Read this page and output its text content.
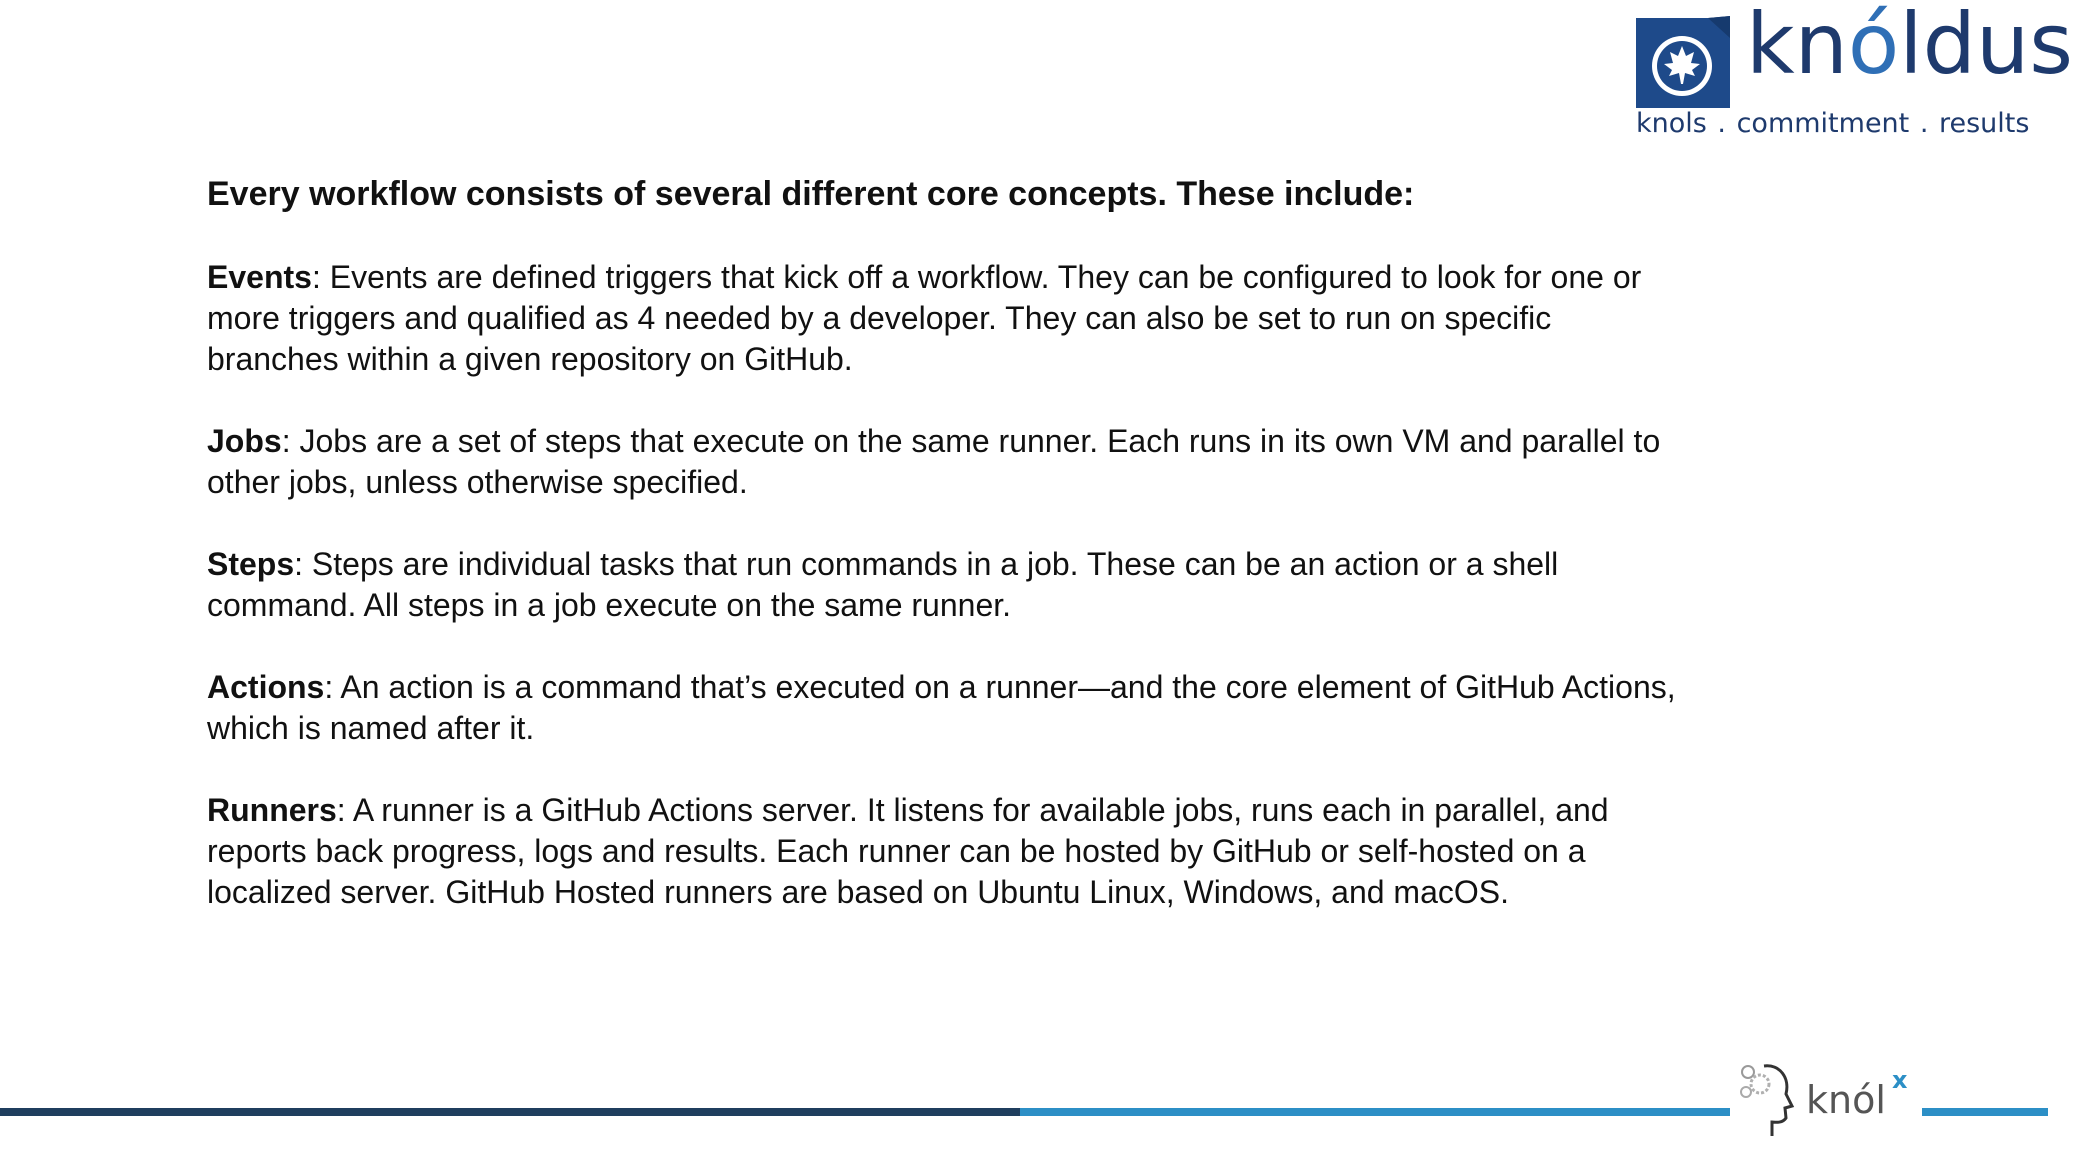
knóldus
knols . commitment . results

Every workflow consists of several different core concepts. These include:

Events: Events are defined triggers that kick off a workflow. They can be configured to look for one or more triggers and qualified as 4 needed by a developer. They can also be set to run on specific branches within a given repository on GitHub.

Jobs: Jobs are a set of steps that execute on the same runner. Each runs in its own VM and parallel to other jobs, unless otherwise specified.

Steps: Steps are individual tasks that run commands in a job. These can be an action or a shell command. All steps in a job execute on the same runner.

Actions: An action is a command that’s executed on a runner—and the core element of GitHub Actions, which is named after it.

Runners: A runner is a GitHub Actions server. It listens for available jobs, runs each in parallel, and reports back progress, logs and results. Each runner can be hosted by GitHub or self-hosted on a localized server. GitHub Hosted runners are based on Ubuntu Linux, Windows, and macOS.

knól x
